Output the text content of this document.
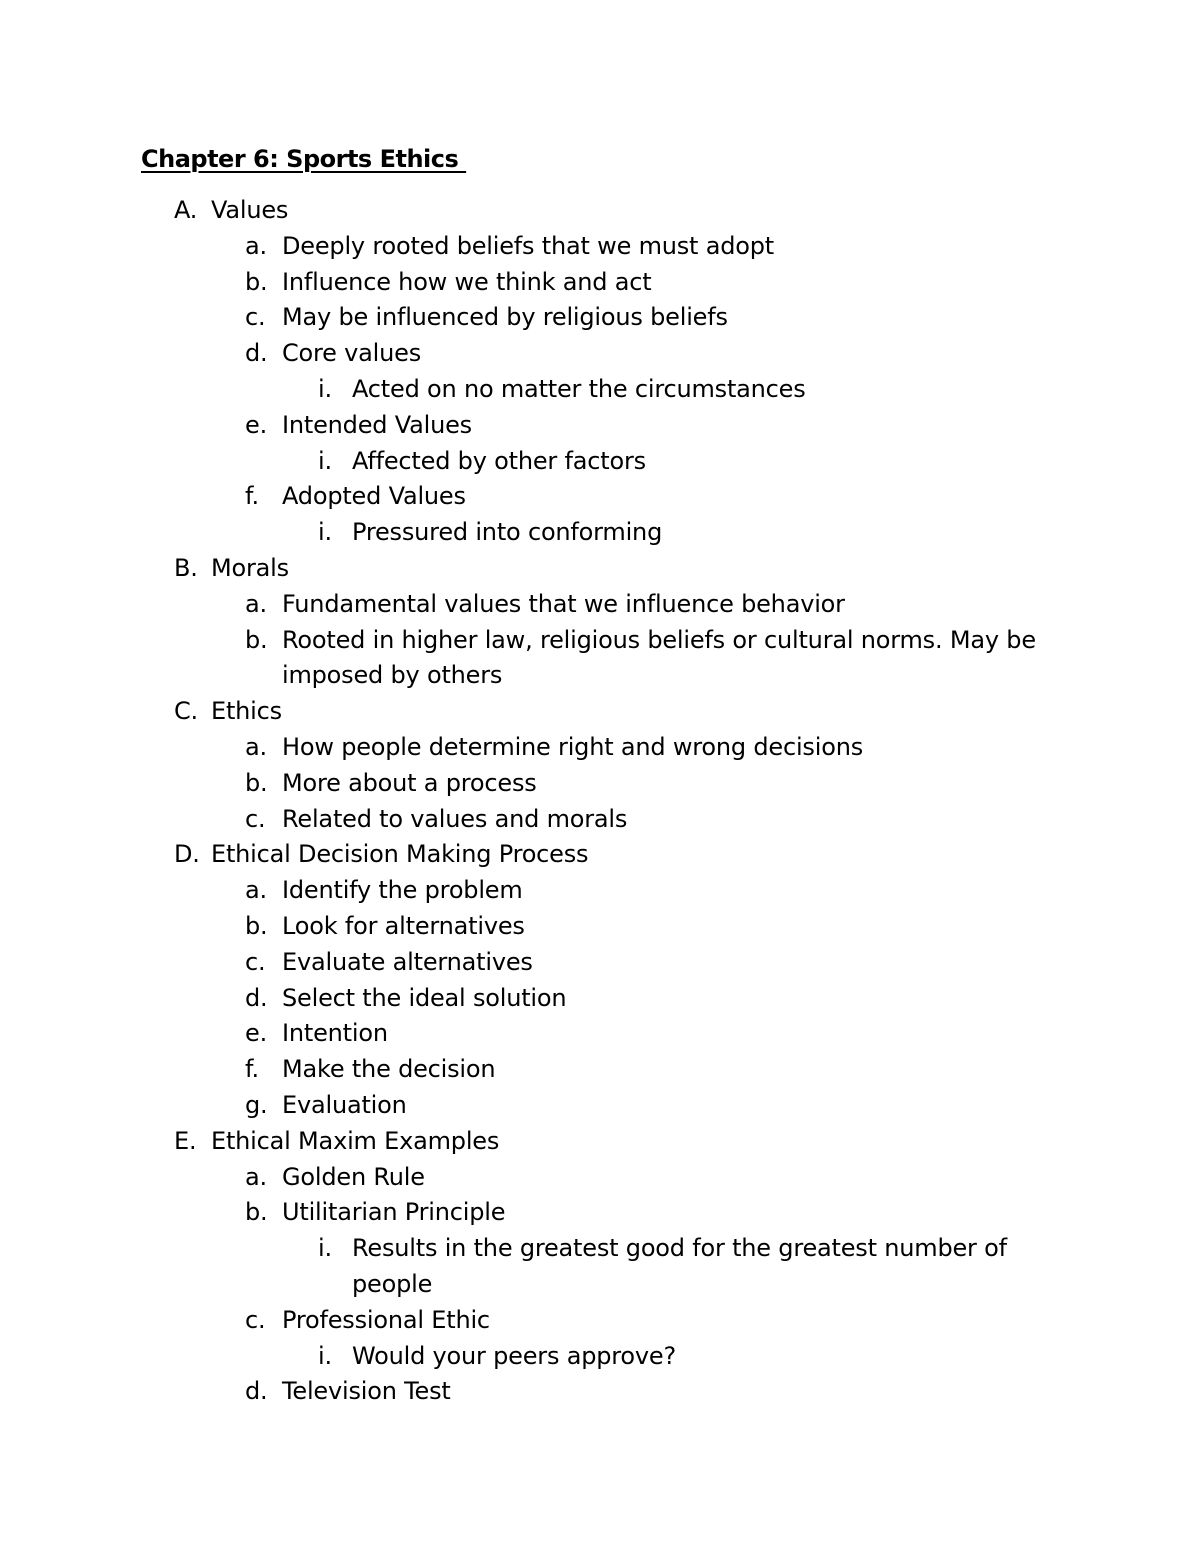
Chapter 6: Sports Ethics
A. Values
a. Deeply rooted beliefs that we must adopt
b. Influence how we think and act
c. May be influenced by religious beliefs
d. Core values
i. Acted on no matter the circumstances
e. Intended Values
i. Affected by other factors
f. Adopted Values
i. Pressured into conforming
B. Morals
a. Fundamental values that we influence behavior
b. Rooted in higher law, religious beliefs or cultural norms. May be imposed by others
C. Ethics
a. How people determine right and wrong decisions
b. More about a process
c. Related to values and morals
D. Ethical Decision Making Process
a. Identify the problem
b. Look for alternatives
c. Evaluate alternatives
d. Select the ideal solution
e. Intention
f. Make the decision
g. Evaluation
E. Ethical Maxim Examples
a. Golden Rule
b. Utilitarian Principle
i. Results in the greatest good for the greatest number of people
c. Professional Ethic
i. Would your peers approve?
d. Television Test
